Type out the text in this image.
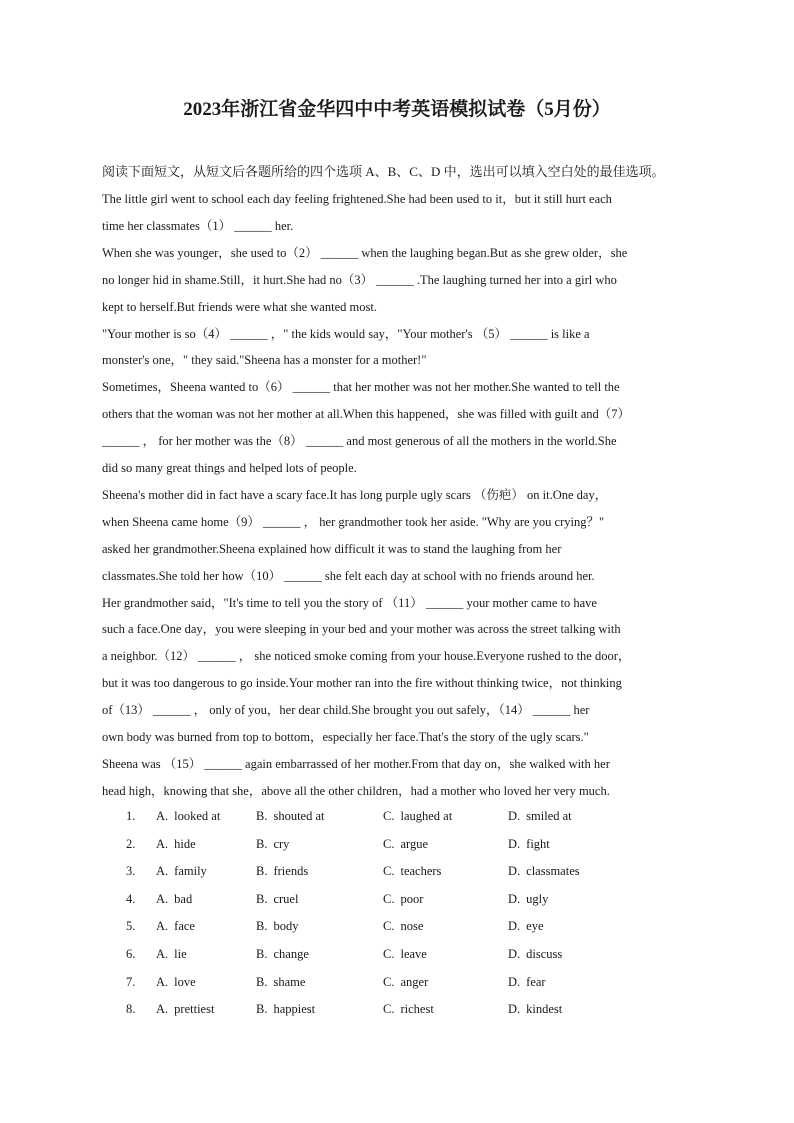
2023年浙江省金华四中中考英语模拟试卷（5月份）
阅读下面短文，从短文后各题所给的四个选项 A、B、C、D 中，选出可以填入空白处的最佳选项。
The little girl went to school each day feeling frightened.She had been used to it，but it still hurt each
time her classmates（1） ______ her.
When she was younger，she used to（2） ______ when the laughing began.But as she grew older，she
no longer hid in shame.Still，it hurt.She had no（3） ______ .The laughing turned her into a girl who
kept to herself.But friends were what she wanted most.
"Your mother is so（4） ______ ，" the kids would say，"Your mother's （5） ______ is like a
monster's one，" they said."Sheena has a monster for a mother!"
Sometimes，Sheena wanted to（6） ______ that her mother was not her mother.She wanted to tell the
others that the woman was not her mother at all.When this happened，she was filled with guilt and（7）
______ ， for her mother was the（8） ______ and most generous of all the mothers in the world.She
did so many great things and helped lots of people.
Sheena's mother did in fact have a scary face.It has long purple ugly scars （伤疤） on it.One day，
when Sheena came home（9） ______ ， her grandmother took her aside. "Why are you crying？"
asked her grandmother.Sheena explained how difficult it was to stand the laughing from her
classmates.She told her how（10） ______ she felt each day at school with no friends around her.
Her grandmother said，"It's time to tell you the story of （11） ______ your mother came to have
such a face.One day，you were sleeping in your bed and your mother was across the street talking with
a neighbor.（12） ______ ， she noticed smoke coming from your house.Everyone rushed to the door，
but it was too dangerous to go inside.Your mother ran into the fire without thinking twice，not thinking
of（13） ______ ， only of you，her dear child.She brought you out safely，（14） ______ her
own body was burned from top to bottom，especially her face.That's the story of the ugly scars."
Sheena was （15） ______ again embarrassed of her mother.From that day on，she walked with her
head high，knowing that she，above all the other children，had a mother who loved her very much.
1. A. looked at	B. shouted at	C. laughed at	D. smiled at
2. A. hide	B. cry	C. argue	D. fight
3. A. family	B. friends	C. teachers	D. classmates
4. A. bad	B. cruel	C. poor	D. ugly
5. A. face	B. body	C. nose	D. eye
6. A. lie	B. change	C. leave	D. discuss
7. A. love	B. shame	C. anger	D. fear
8. A. prettiest	B. happiest	C. richest	D. kindest
